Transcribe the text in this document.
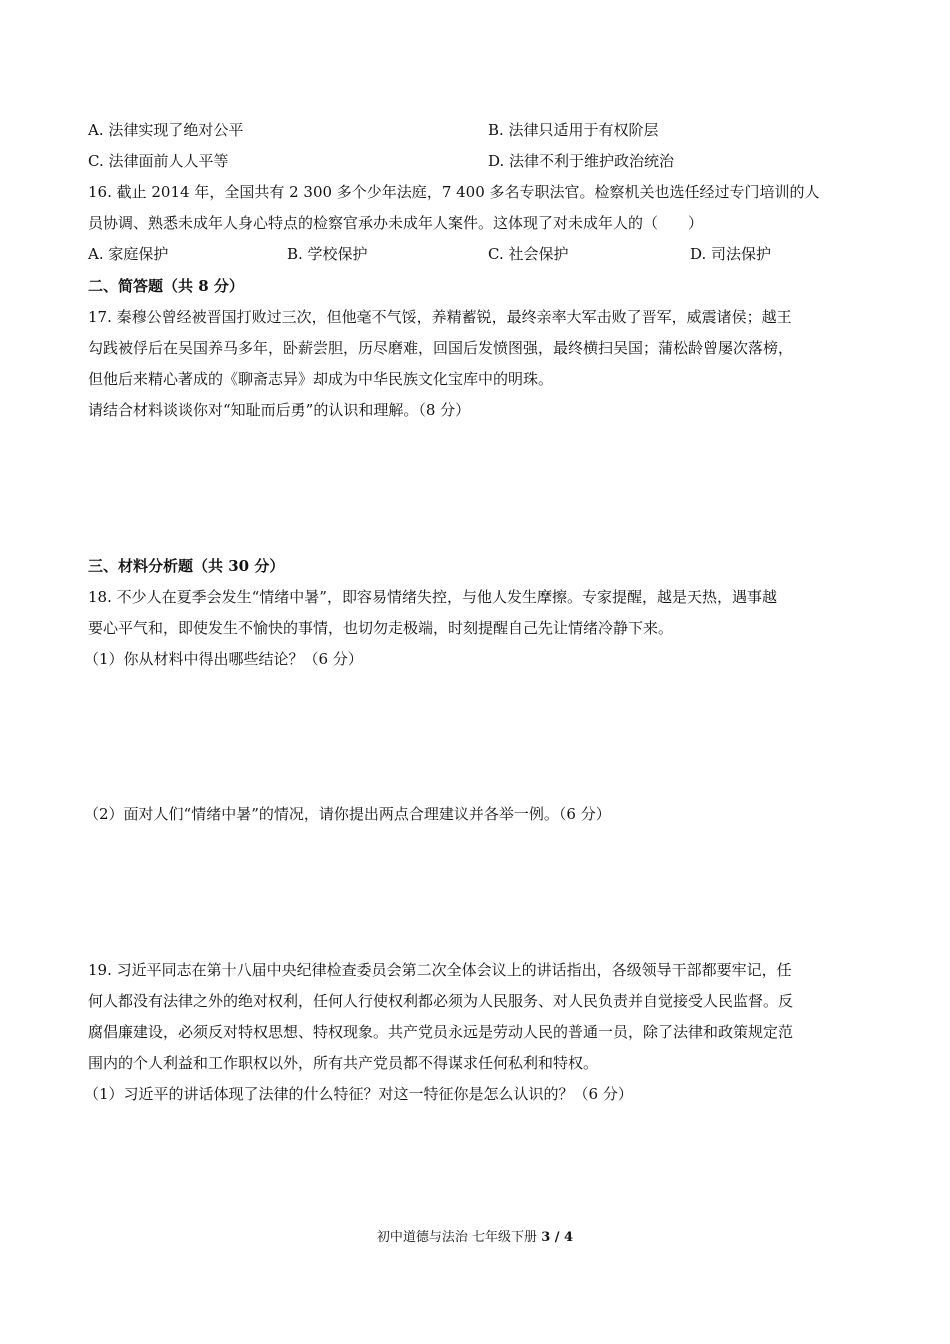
A. 法律实现了绝对公平	B. 法律只适用于有权阶层
C. 法律面前人人平等	D. 法律不利于维护政治统治
16. 截止 2014 年，全国共有 2 300 多个少年法庭，7 400 多名专职法官。检察机关也选任经过专门培训的人
员协调、熟悉未成年人身心特点的检察官承办未成年人案件。这体现了对未成年人的（　　）
A. 家庭保护	B. 学校保护	C. 社会保护	D. 司法保护
二、简答题（共 8 分）
17. 秦穆公曾经被晋国打败过三次，但他毫不气馁，养精蓄锐，最终亲率大军击败了晋军，威震诸侯；越王
勾践被俘后在吴国养马多年，卧薪尝胆，历尽磨难，回国后发愤图强，最终横扫吴国；蒲松龄曾屡次落榜，
但他后来精心著成的《聊斋志异》却成为中华民族文化宝库中的明珠。
请结合材料谈谈你对“知耻而后勇”的认识和理解。（8 分）
三、材料分析题（共 30 分）
18. 不少人在夏季会发生“情绪中暑”，即容易情绪失控，与他人发生摩擦。专家提醒，越是天热，遇事越
要心平气和，即使发生不愉快的事情，也切勿走极端，时刻提醒自己先让情绪冷静下来。
（1）你从材料中得出哪些结论？（6 分）
（2）面对人们“情绪中暑”的情况，请你提出两点合理建议并各举一例。（6 分）
19. 习近平同志在第十八届中央纪律检查委员会第二次全体会议上的讲话指出，各级领导干部都要牢记，任
何人都没有法律之外的绝对权利，任何人行使权利都必须为人民服务、对人民负责并自觉接受人民监督。反
腐倡廉建设，必须反对特权思想、特权现象。共产党员永远是劳动人民的普通一员，除了法律和政策规定范
围内的个人利益和工作职权以外，所有共产党员都不得谋求任何私利和特权。
（1）习近平的讲话体现了法律的什么特征？对这一特征你是怎么认识的？（6 分）
初中道德与法治 七年级下册 3 / 4
